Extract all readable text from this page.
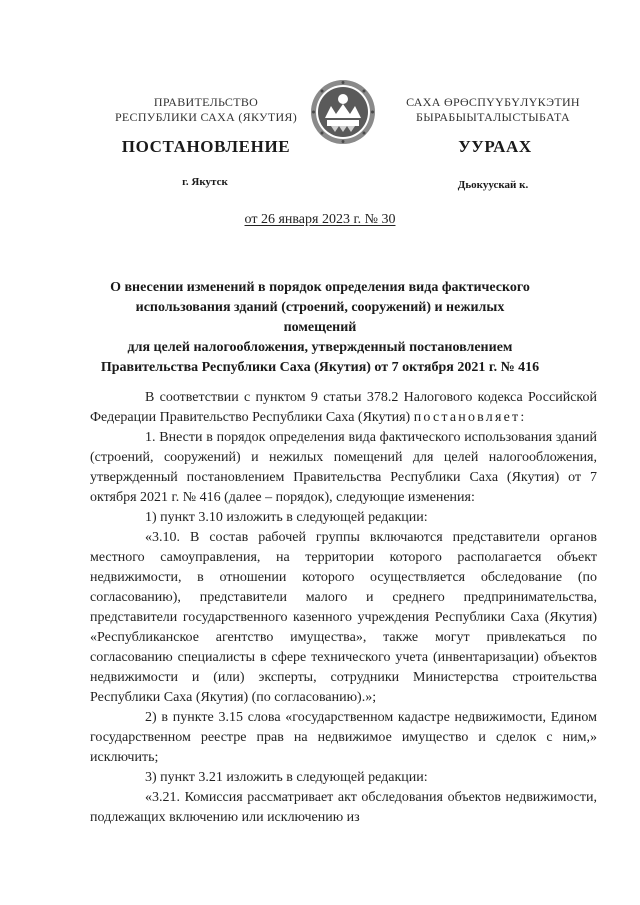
ПРАВИТЕЛЬСТВО
РЕСПУБЛИКИ САХА (ЯКУТИЯ)
САХА ӨРӨСПҮҮБҮЛҮКЭТИН
БЫРАБЫЫТАЛЫСТЫБАТА
ПОСТАНОВЛЕНИЕ	УУРААХ
г. Якутск	Дьокуускай к.
от 26 января 2023 г. № 30
О внесении изменений в порядок определения вида фактического
использования зданий (строений, сооружений) и нежилых помещений
для целей налогообложения, утвержденный постановлением
Правительства Республики Саха (Якутия) от 7 октября 2021 г. № 416

В соответствии с пунктом 9 статьи 378.2 Налогового кодекса Российской Федерации Правительство Республики Саха (Якутия) постановляет:

1. Внести в порядок определения вида фактического использования зданий (строений, сооружений) и нежилых помещений для целей налогообложения, утвержденный постановлением Правительства Республики Саха (Якутия) от 7 октября 2021 г. № 416 (далее – порядок), следующие изменения:

1) пункт 3.10 изложить в следующей редакции:

«3.10. В состав рабочей группы включаются представители органов местного самоуправления, на территории которого располагается объект недвижимости, в отношении которого осуществляется обследование (по согласованию), представители малого и среднего предпринимательства, представители государственного казенного учреждения Республики Саха (Якутия) «Республиканское агентство имущества», также могут привлекаться по согласованию специалисты в сфере технического учета (инвентаризации) объектов недвижимости и (или) эксперты, сотрудники Министерства строительства Республики Саха (Якутия) (по согласованию).»;

2) в пункте 3.15 слова «государственном кадастре недвижимости, Едином государственном реестре прав на недвижимое имущество и сделок с ним,» исключить;

3) пункт 3.21 изложить в следующей редакции:

«3.21. Комиссия рассматривает акт обследования объектов недвижимости, подлежащих включению или исключению из
